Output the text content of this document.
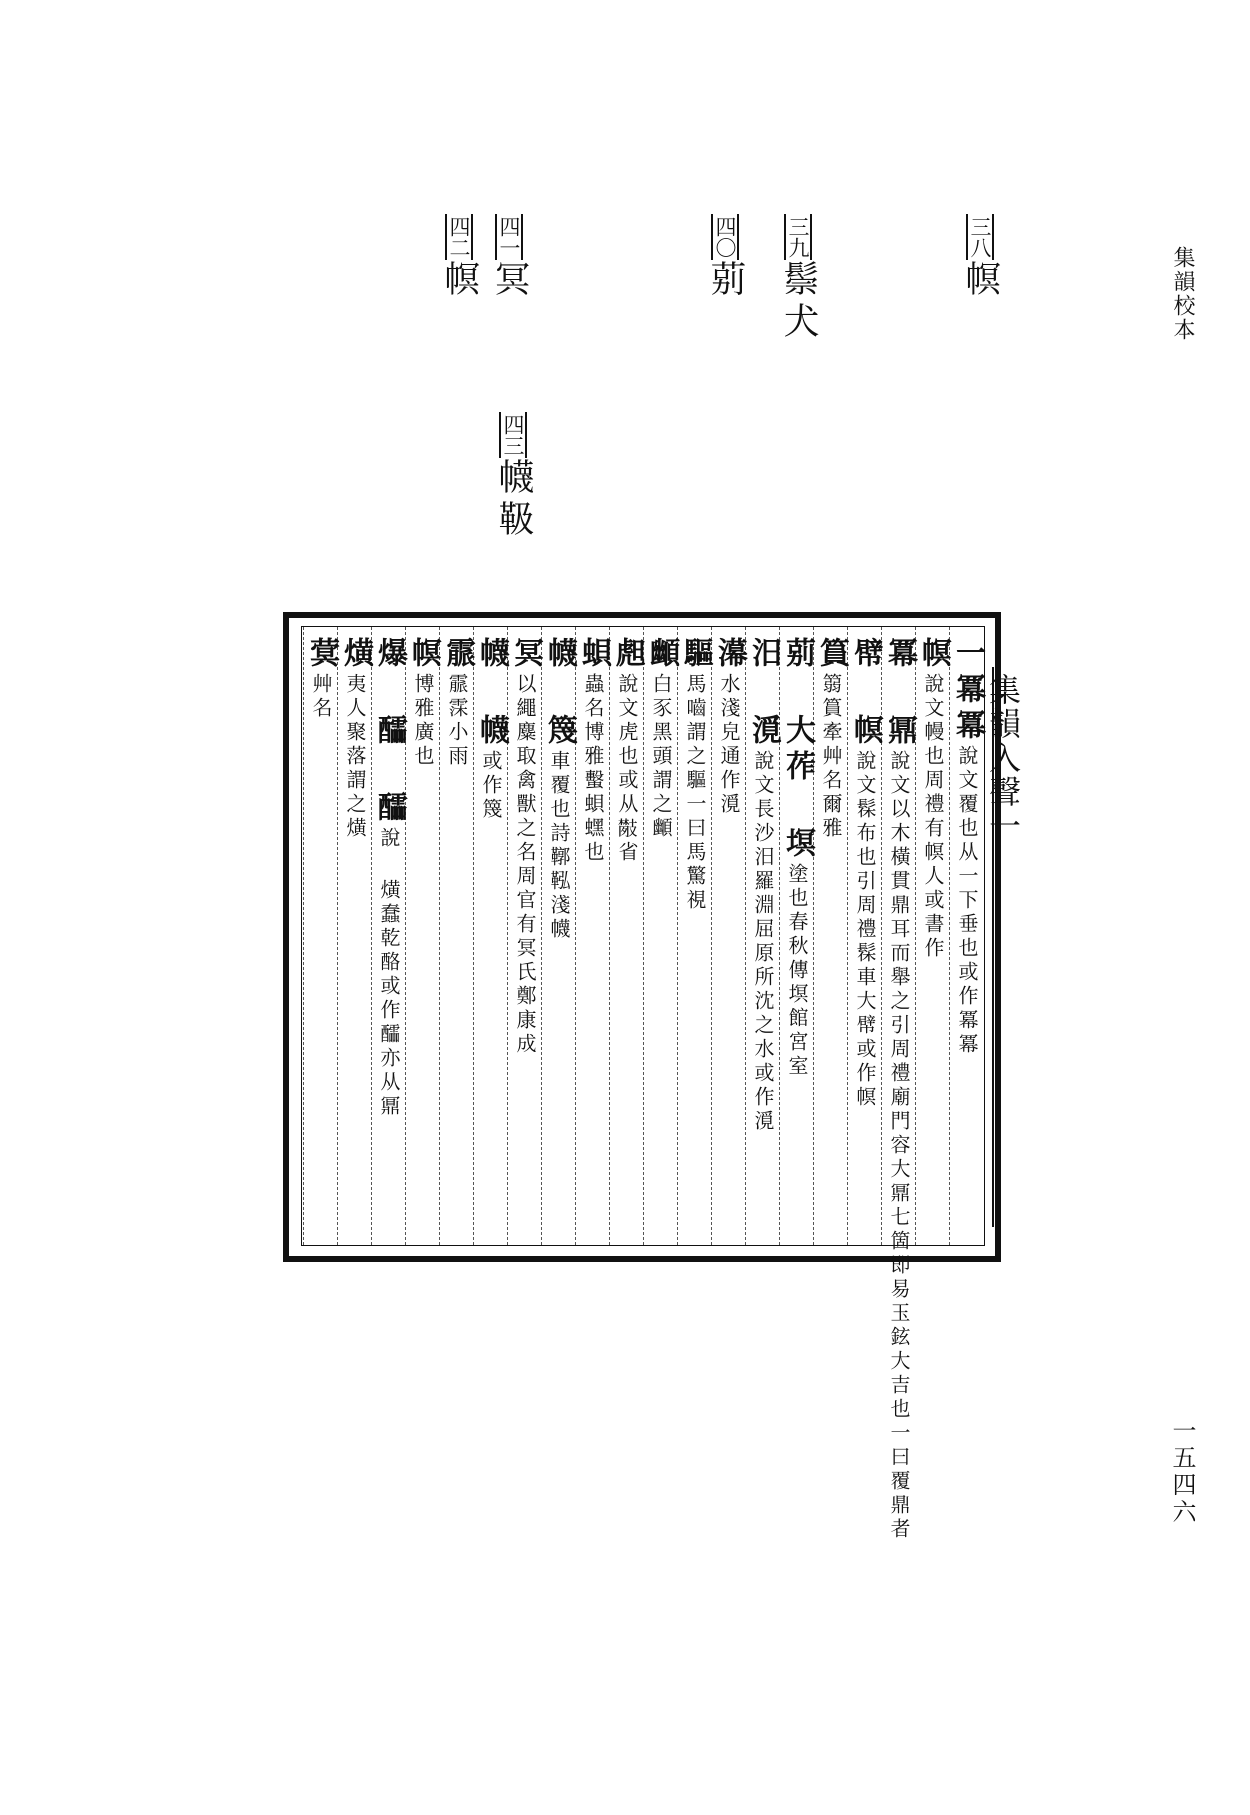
集韻校本
一五四六
三八幎
三九鬃犬
四〇莂
四一冥
四二幎
四三幭靸
集韻入聲一
一冪冪說文覆也从一下垂也或作冪冪
幎說文幔也周禮有幎人或書作
冪 鼏說文以木橫貫鼎耳而舉之引周禮廟門容大鼏七箇即易玉鉉大吉也一曰覆鼎者
幦 幎說文髹布也引周禮髹車大幦或作幎
篔篛篔牽艸名爾雅
莂 大莋 塓塗也春秋傳塓館宮室
汨 漞說文長沙汨羅淵屈原所沈之水或作漞
濗水淺皃通作漞
驅馬嚙謂之驅一曰馬驚視
䫜白豕黑頭謂之䫜
䖑說文虎也或从𢻦省
蛽蟲名博雅蟿蛽蟔也
幭 篾車覆也詩鞹鞃淺幭
冥以繩麋取禽獸之名周官有冥氏鄭康成
幭 幭或作篾
霢霢霂小雨
幎博雅廣也
爆 醽 醽說 熿蠢乾酪或作醽亦从鼏
熿夷人聚落謂之熿
蓂艸名
